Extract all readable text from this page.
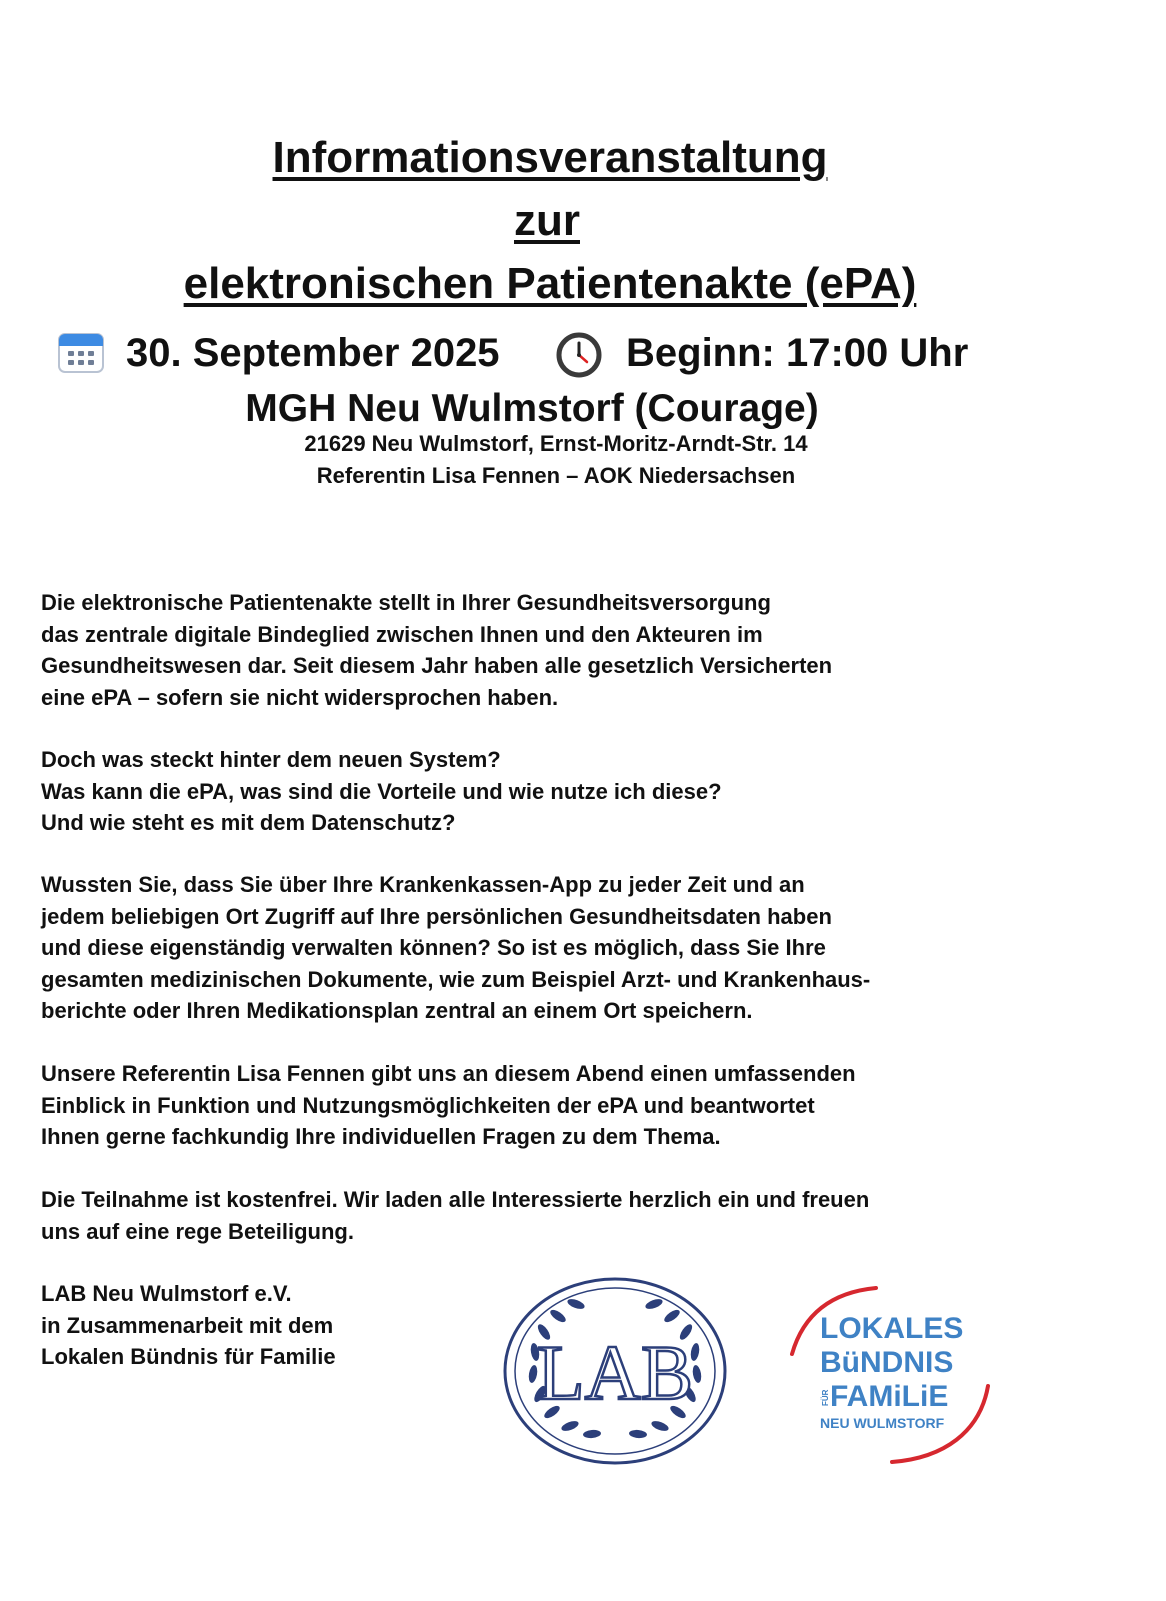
Informationsveranstaltung
zur
elektronischen Patientenakte (ePA)
30. September 2025	Beginn: 17:00 Uhr
MGH Neu Wulmstorf (Courage)
21629 Neu Wulmstorf, Ernst-Moritz-Arndt-Str. 14
Referentin Lisa Fennen – AOK Niedersachsen
Die elektronische Patientenakte stellt in Ihrer Gesundheitsversorgung
das zentrale digitale Bindeglied zwischen Ihnen und den Akteuren im
Gesundheitswesen dar. Seit diesem Jahr haben alle gesetzlich Versicherten
eine ePA – sofern sie nicht widersprochen haben.
Doch was steckt hinter dem neuen System?
Was kann die ePA, was sind die Vorteile und wie nutze ich diese?
Und wie steht es mit dem Datenschutz?
Wussten Sie, dass Sie über Ihre Krankenkassen-App zu jeder Zeit und an
jedem beliebigen Ort Zugriff auf Ihre persönlichen Gesundheitsdaten haben
und diese eigenständig verwalten können? So ist es möglich, dass Sie Ihre
gesamten medizinischen Dokumente, wie zum Beispiel Arzt- und Krankenhaus-
berichte oder Ihren Medikationsplan zentral an einem Ort speichern.
Unsere Referentin Lisa Fennen gibt uns an diesem Abend einen umfassenden
Einblick in Funktion und Nutzungsmöglichkeiten der ePA und beantwortet
Ihnen gerne fachkundig Ihre individuellen Fragen zu dem Thema.
Die Teilnahme ist kostenfrei. Wir laden alle Interessierte herzlich ein und freuen
uns auf eine rege Beteiligung.
LAB Neu Wulmstorf e.V.
in Zusammenarbeit mit dem
Lokalen Bündnis für Familie	LAB
LOKALES
BüNDNIS
FÜR FAMiLiE
NEU WULMSTORF
